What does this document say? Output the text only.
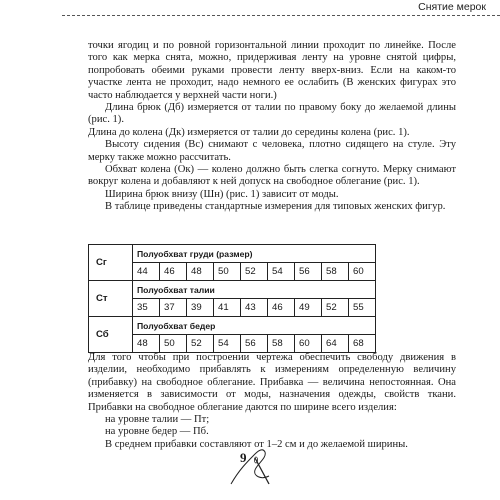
Снятие мерок

точки ягодиц и по ровной горизонтальной линии проходит по линейке. После того как мерка снята, можно, придерживая ленту на уровне снятой цифры, попробовать обеими руками провести ленту вверх-вниз. Если на каком-то участке лента не проходит, надо немного ее ослабить (В женских фигурах это часто наблюдается у верхней части ноги.)

Длина брюк (Дб) измеряется от талии по правому боку до желаемой длины (рис. 1).

Длина до колена (Дк) измеряется от талии до середины колена (рис. 1).

Высоту сидения (Вс) снимают с человека, плотно сидящего на стуле. Эту мерку также можно рассчитать.

Обхват колена (Ок) — колено должно быть слегка согнуто. Мерку снимают вокруг колена и добавляют к ней допуск на свободное облегание (рис. 1).

Ширина брюк внизу (Шн) (рис. 1) зависит от моды.

В таблице приведены стандартные измерения для типовых женских фигур.

Сг	Полуобхват груди (размер)								
	44	46	48	50	52	54	56	58	60
Ст	Полуобхват талии								
	35	37	39	41	43	46	49	52	55
Сб	Полуобхват бедер								
	48	50	52	54	56	58	60	64	68

Для того чтобы при построении чертежа обеспечить свободу движения в изделии, необходимо прибавлять к измерениям определенную величину (прибавку) на свободное облегание. Прибавка — величина непостоянная. Она изменяется в зависимости от моды, назначения одежды, свойств ткани. Прибавки на свободное облегание даются по ширине всего изделия:

на уровне талии — Пт;

на уровне бедер — Пб.

В среднем прибавки составляют от 1–2 см и до желаемой ширины.

9
